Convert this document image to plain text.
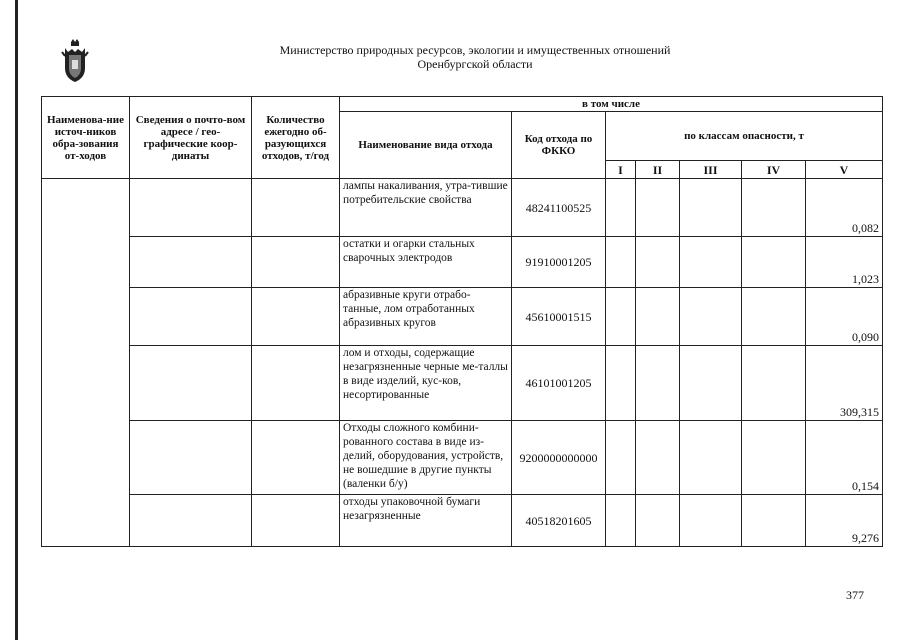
Министерство природных ресурсов, экологии и имущественных отношений
Оренбургской области
Наименова-ние источ-ников обра-зования от-ходов	Сведения о почто-вом адресе / гео-графические коор-динаты	Количество ежегодно об-разующихся отходов, т/год	в том числе						
			Наименование вида отхода	Код отхода по ФККО	по классам опасности, т				
					I	II	III	IV	V
			лампы накаливания, утра-тившие потребительские свойства	48241100525					0,082
			остатки и огарки стальных сварочных электродов	91910001205					1,023
			абразивные круги отрабо-танные, лом отработанных абразивных кругов	45610001515					0,090
			лом и отходы, содержащие незагрязненные черные ме-таллы в виде изделий, кус-ков, несортированные	46101001205					309,315
			Отходы сложного комбини-рованного состава в виде из-делий, оборудования, устройств, не вошедшие в другие пункты (валенки б/у)	9200000000000					0,154
			отходы упаковочной бумаги незагрязненные	40518201605					9,276
377
